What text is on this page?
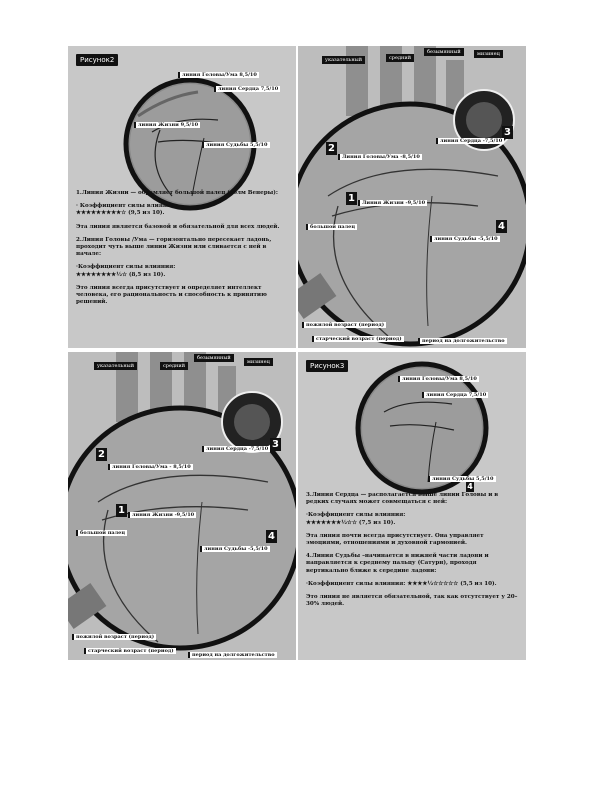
Рисунок2
линия Головы/Ума 8,5/10
линия Сердца 7,5/10
линия Жизни 9,5/10
линия Судьбы 5,5/10

1.Линия Жизни — обрамляет большой палец (холм Венеры):

· Коэффициент силы влияния:

★★★★★★★★★☆ (9,5 из 10).

Эта линия является базовой и обязательной для всех людей.

2.Линия Головы /Ума — горизонтально пересекает ладонь, проходит чуть выше линии Жизни или сливается с ней в начале:

·Коэффициент силы влияния:

★★★★★★★★½☆ (8,5 из 10).

Это линия всегда присутствует и определяет интеллект человека, его рациональность и способность к принятию решений.

указательный	средний
безымянный	мизинец
3
линия Сердца -7,5/10
2
Линия Головы/Ума -8,5/10
1	Линия Жизни -9,5/10
большой палец	4
линия Судьбы -5,5/10
пожилой возраст (период)
старческий возраст (период)	период на долгожительство
указательный	средний
безымянный
мизинец
линия Сердца -7,5/10 3
2
линия Головы/Ума - 8,5/10
1	линия Жизни -9,5/10
большой палец	4
линия Судьбы -5,5/10
пожилой возраст (период)
старческий возраст (период)
период на долгожительство
Рисунок3
линия Головы/Ума 8,5/10
линия Сердца 7,5/10
линия Судьбы 5,5/10
4

3.Линия Сердца — располагается выше линии Головы и в редких случаях может совмещаться с ней:

·Коэффициент силы влияния:

★★★★★★★½☆☆ (7,5 из 10).

Эта линия почти всегда присутствует. Она управляет эмоциями, отношениями и духовной гармонией.

4.Линия Судьбы –начинается в нижней части ладони и направляется к среднему пальцу (Сатурн), проходя вертикально ближе к середине ладони:

·Коэффициент силы влияния: ★★★★½☆☆☆☆☆ (5,5 из 10).

Это линия не является обязательной, так как отсутствует у 20–30% людей.
